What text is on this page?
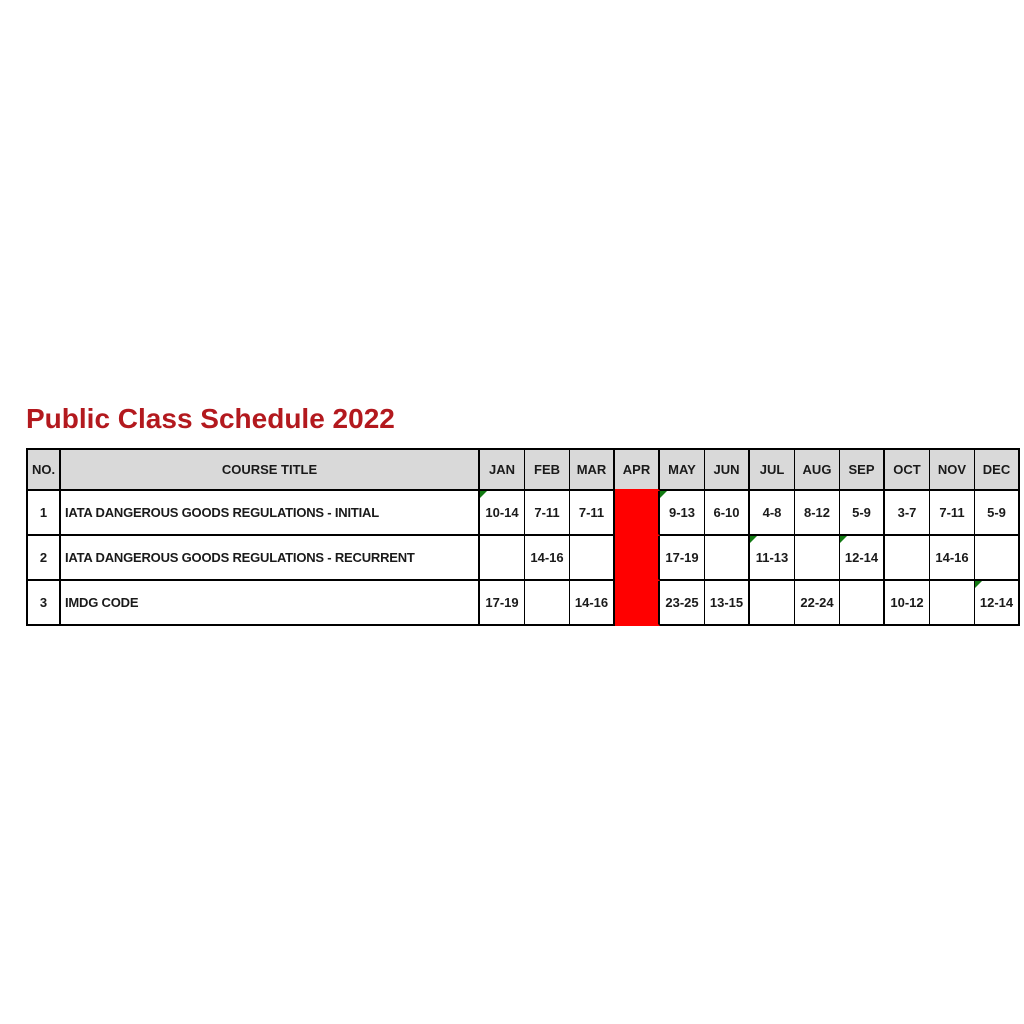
Public Class Schedule 2022
NO.	COURSE TITLE	JAN	FEB	MAR	APR	MAY	JUN	JUL	AUG	SEP	OCT	NOV	DEC
1	IATA DANGEROUS GOODS REGULATIONS - INITIAL	10-14	7-11	7-11		9-13	6-10	4-8	8-12	5-9	3-7	7-11	5-9
2	IATA DANGEROUS GOODS REGULATIONS - RECURRENT		14-16			17-19		11-13		12-14		14-16	
3	IMDG CODE	17-19		14-16		23-25	13-15		22-24		10-12		12-14
